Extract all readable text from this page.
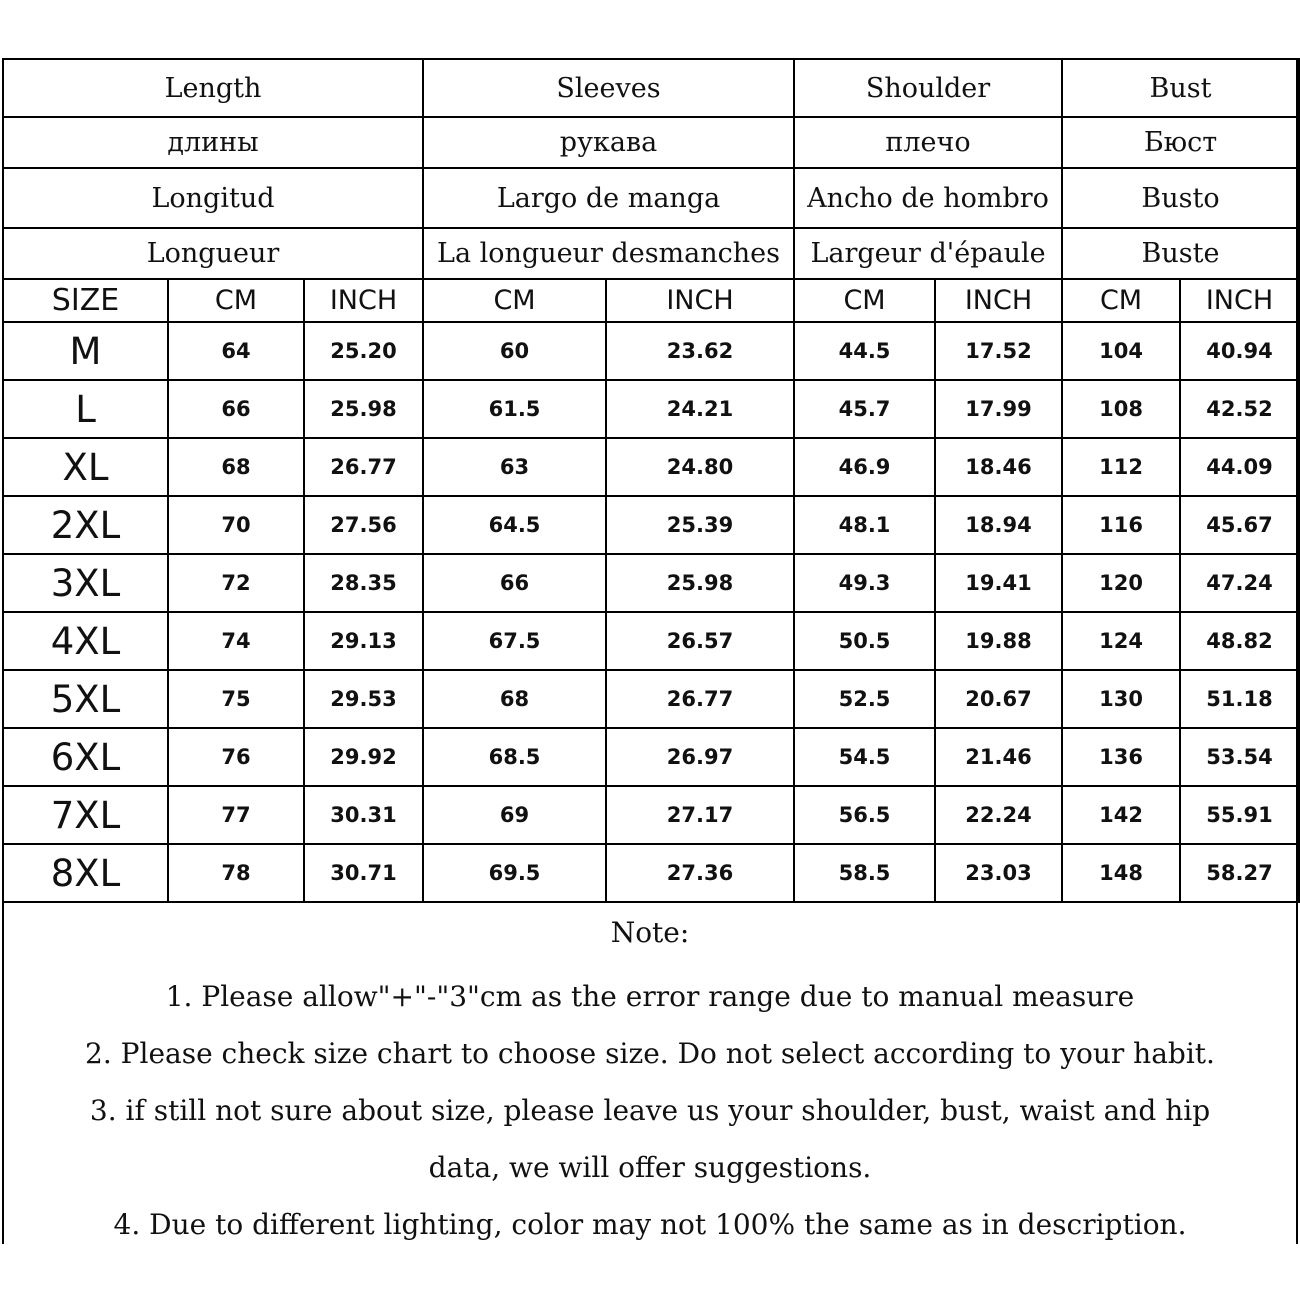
Length			Sleeves		Shoulder		Bust	
длины			рукава		плечо		Бюст	
Longitud			Largo de manga		Ancho de hombro		Busto	
Longueur			La longueur desmanches		Largeur d'épaule		Buste	
SIZE	CM	INCH	CM	INCH	CM	INCH	CM	INCH
M	64	25.20	60	23.62	44.5	17.52	104	40.94
L	66	25.98	61.5	24.21	45.7	17.99	108	42.52
XL	68	26.77	63	24.80	46.9	18.46	112	44.09
2XL	70	27.56	64.5	25.39	48.1	18.94	116	45.67
3XL	72	28.35	66	25.98	49.3	19.41	120	47.24
4XL	74	29.13	67.5	26.57	50.5	19.88	124	48.82
5XL	75	29.53	68	26.77	52.5	20.67	130	51.18
6XL	76	29.92	68.5	26.97	54.5	21.46	136	53.54
7XL	77	30.31	69	27.17	56.5	22.24	142	55.91
8XL	78	30.71	69.5	27.36	58.5	23.03	148	58.27
Note:
1. Please allow"+"-"3"cm as the error range due to manual measure
2. Please check size chart to choose size. Do not select according to your habit.
3. if still not sure about size, please leave us your shoulder, bust, waist and hip
data, we will offer suggestions.
4. Due to different lighting, color may not 100% the same as in description.
